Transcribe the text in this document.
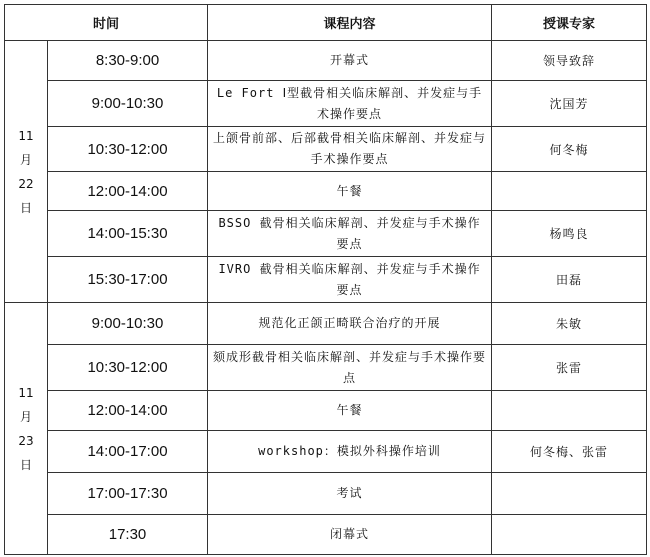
时间		课程内容	授课专家

11
月
22
日	8:30-9:00	开幕式	领导致辞
	9:00-10:30	Le Fort Ⅰ型截骨相关临床解剖、并发症与手术操作要点	沈国芳
	10:30-12:00	上颌骨前部、后部截骨相关临床解剖、并发症与手术操作要点	何冬梅
	12:00-14:00	午餐	
	14:00-15:30	BSSO 截骨相关临床解剖、并发症与手术操作要点	杨鸣良
	15:30-17:00	IVRO 截骨相关临床解剖、并发症与手术操作要点	田磊

11
月
23
日	9:00-10:30	规范化正颌正畸联合治疗的开展	朱敏
	10:30-12:00	颏成形截骨相关临床解剖、并发症与手术操作要点	张雷
	12:00-14:00	午餐	
	14:00-17:00	workshop：模拟外科操作培训	何冬梅、张雷
	17:00-17:30	考试	
	17:30	闭幕式	
